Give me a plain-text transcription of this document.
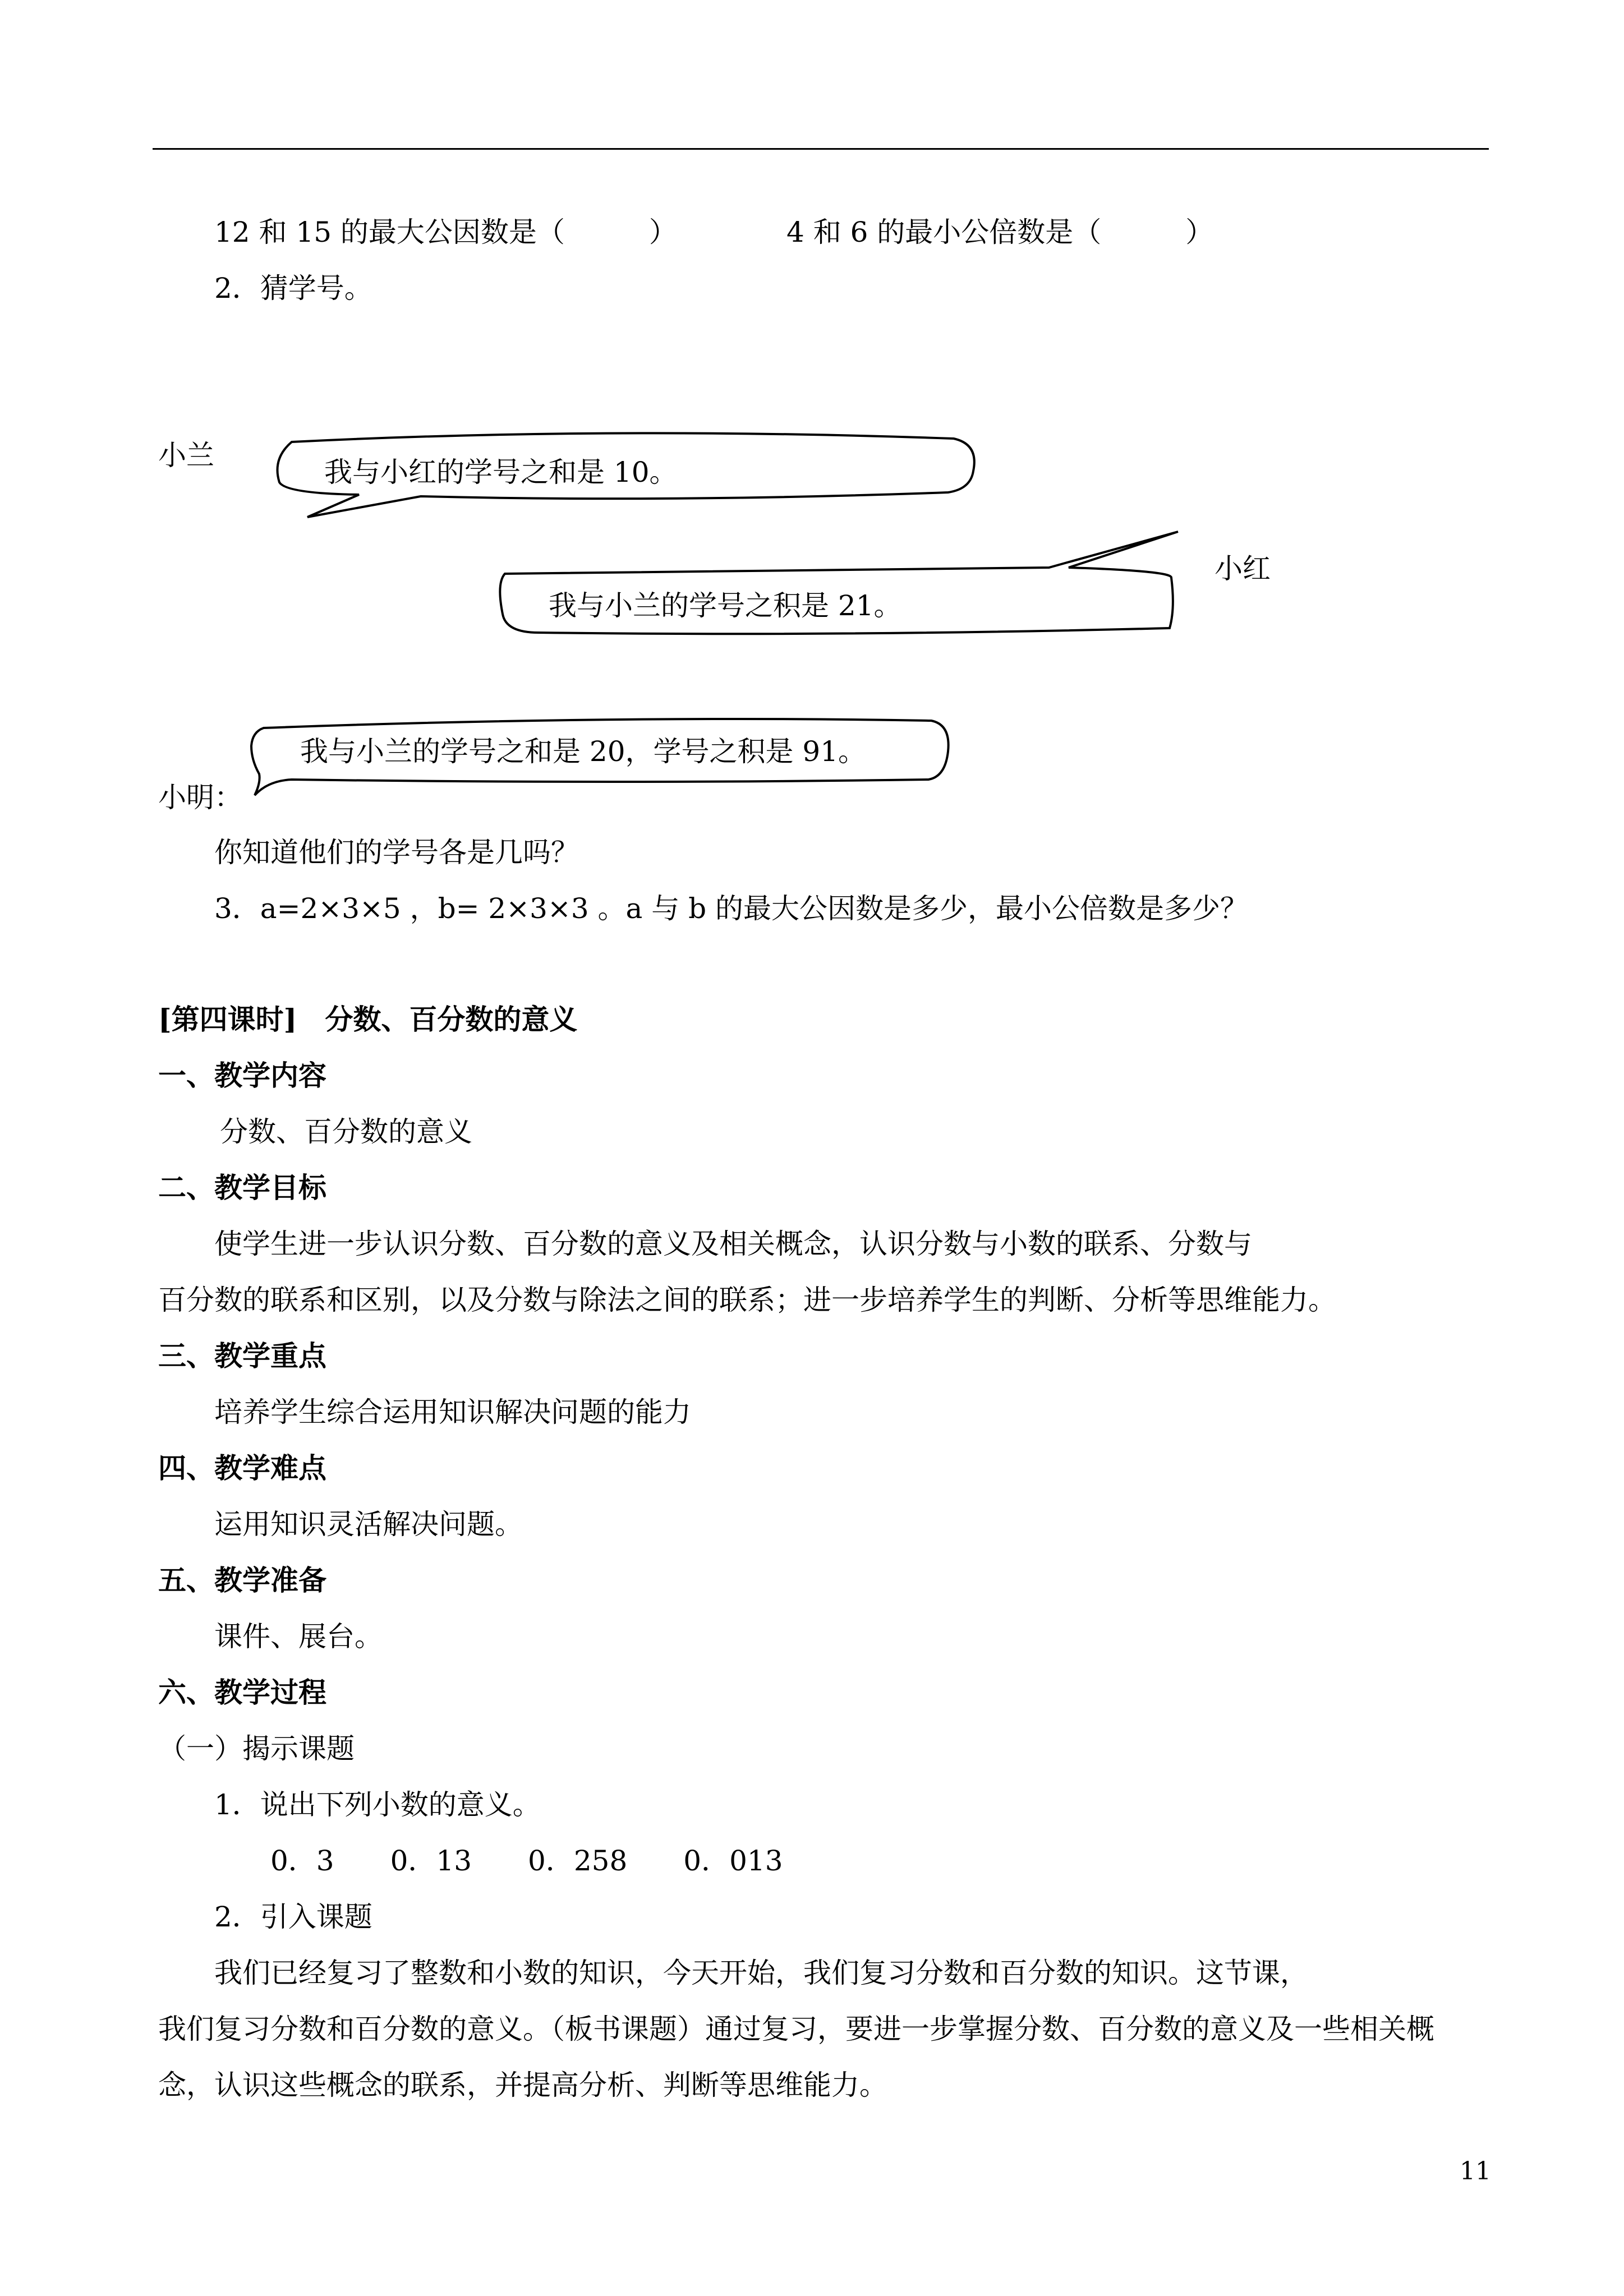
12 和 15 的最大公因数是（　　　）	4 和 6 的最小公倍数是（　　　）
2．猜学号。
小兰
我与小红的学号之和是 10。
小红
我与小兰的学号之积是 21。
我与小兰的学号之和是 20，学号之积是 91。
小明：
你知道他们的学号各是几吗？
3．a=2×3×5 ，b= 2×3×3 。a 与 b 的最大公因数是多少，最小公倍数是多少？
[第四课时]　分数、百分数的意义
一、教学内容
分数、百分数的意义
二、教学目标
使学生进一步认识分数、百分数的意义及相关概念，认识分数与小数的联系、分数与
百分数的联系和区别，以及分数与除法之间的联系；进一步培养学生的判断、分析等思维能力。
三、教学重点
培养学生综合运用知识解决问题的能力
四、教学难点
运用知识灵活解决问题。
五、教学准备
课件、展台。
六、教学过程
（一）揭示课题
1．说出下列小数的意义。
0．3　　0．13　　0．258　　0．013
2．引入课题
我们已经复习了整数和小数的知识，今天开始，我们复习分数和百分数的知识。这节课，
我们复习分数和百分数的意义。（板书课题）通过复习，要进一步掌握分数、百分数的意义及一些相关概
念，认识这些概念的联系，并提高分析、判断等思维能力。
11
